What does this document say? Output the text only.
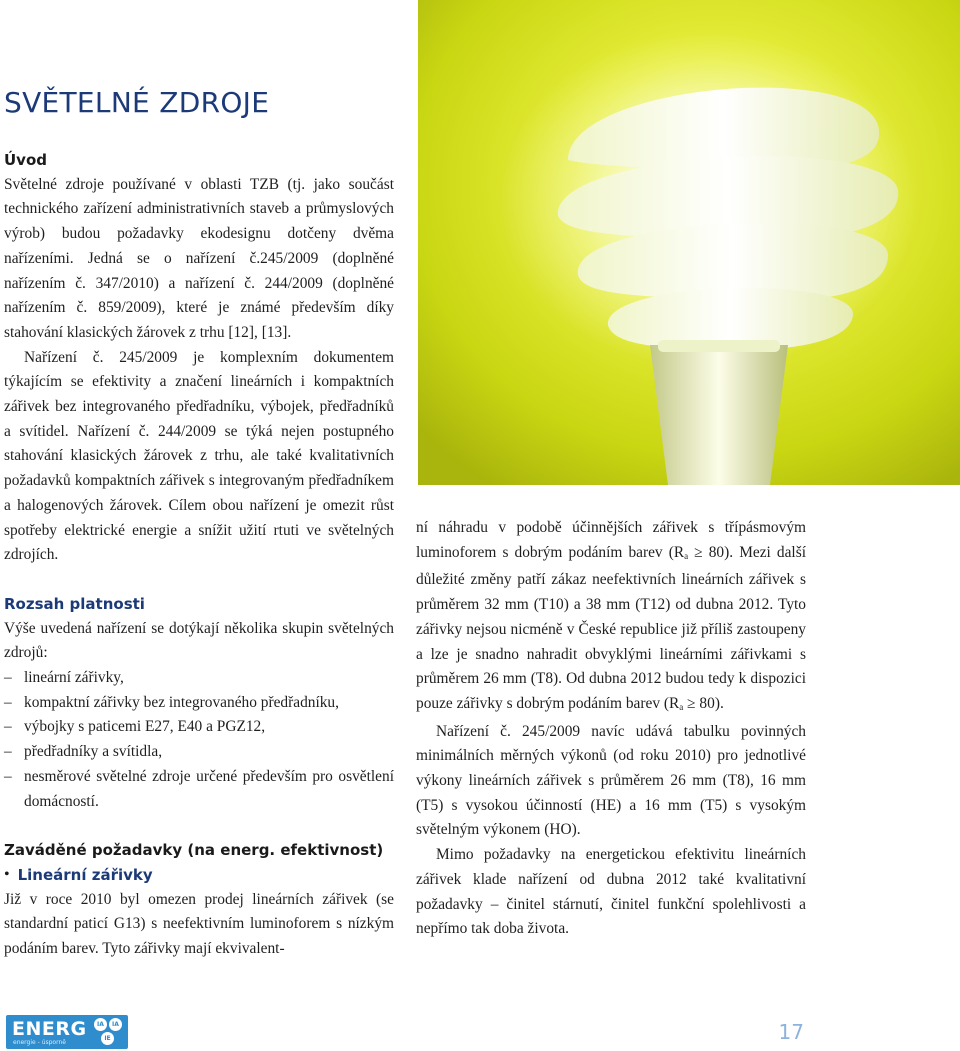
SVĚTELNÉ ZDROJE
Úvod

Světelné zdroje používané v oblasti TZB (tj. jako součást technického zařízení administrativních staveb a průmyslových výrob) budou požadavky ekodesignu dotčeny dvěma nařízeními. Jedná se o nařízení č.245/2009 (doplněné nařízením č. 347/2010) a nařízení č. 244/2009 (doplněné nařízením č. 859/2009), které je známé především díky stahování klasických žárovek z trhu [12], [13].

Nařízení č. 245/2009 je komplexním dokumentem týkajícím se efektivity a značení lineárních i kompaktních zářivek bez integrovaného předřadníku, výbojek, předřadníků a svítidel. Nařízení č. 244/2009 se týká nejen postupného stahování klasických žárovek z trhu, ale také kvalitativních požadavků kompaktních zářivek s integrovaným předřadníkem a halogenových žárovek. Cílem obou nařízení je omezit růst spotřeby elektrické energie a snížit užití rtuti ve světelných zdrojích.

Rozsah platnosti

Výše uvedená nařízení se dotýkají několika skupin světelných zdrojů:

– lineární zářivky,
– kompaktní zářivky bez integrovaného předřadníku,
– výbojky s paticemi E27, E40 a PGZ12,
– předřadníky a svítidla,
– nesměrové světelné zdroje určené především pro osvětlení domácností.
Zaváděné požadavky (na energ. efektivnost)
• Lineární zářivky

Již v roce 2010 byl omezen prodej lineárních zářivek (se standardní paticí G13) s neefektivním luminoforem s nízkým podáním barev. Tyto zářivky mají ekvivalent-

ní náhradu v podobě účinnějších zářivek s třípásmovým luminoforem s dobrým podáním barev $(R_a \ge 80)$. Mezi další důležité změny patří zákaz neefektivních lineárních zářivek s průměrem 32 mm (T10) a 38 mm (T12) od dubna 2012. Tyto zářivky nejsou nicméně v České republice již příliš zastoupeny a lze je snadno nahradit obvyklými lineárními zářivkami s průměrem 26 mm (T8). Od dubna 2012 budou tedy k dispozici pouze zářivky s dobrým podáním barev $(R_a \ge 80)$.

Nařízení č. 245/2009 navíc udává tabulku povinných minimálních měrných výkonů (od roku 2010) pro jednotlivé výkony lineárních zářivek s průměrem 26 mm (T8), 16 mm (T5) s vysokou účinností (HE) a 16 mm (T5) s vysokým světelným výkonem (HO).

Mimo požadavky na energetickou efektivitu lineárních zářivek klade nařízení od dubna 2012 také kvalitativní požadavky – činitel stárnutí, činitel funkční spolehlivosti a nepřímo tak doba života.

ENERG
energie - úsporně
IA	IA
IE	17
